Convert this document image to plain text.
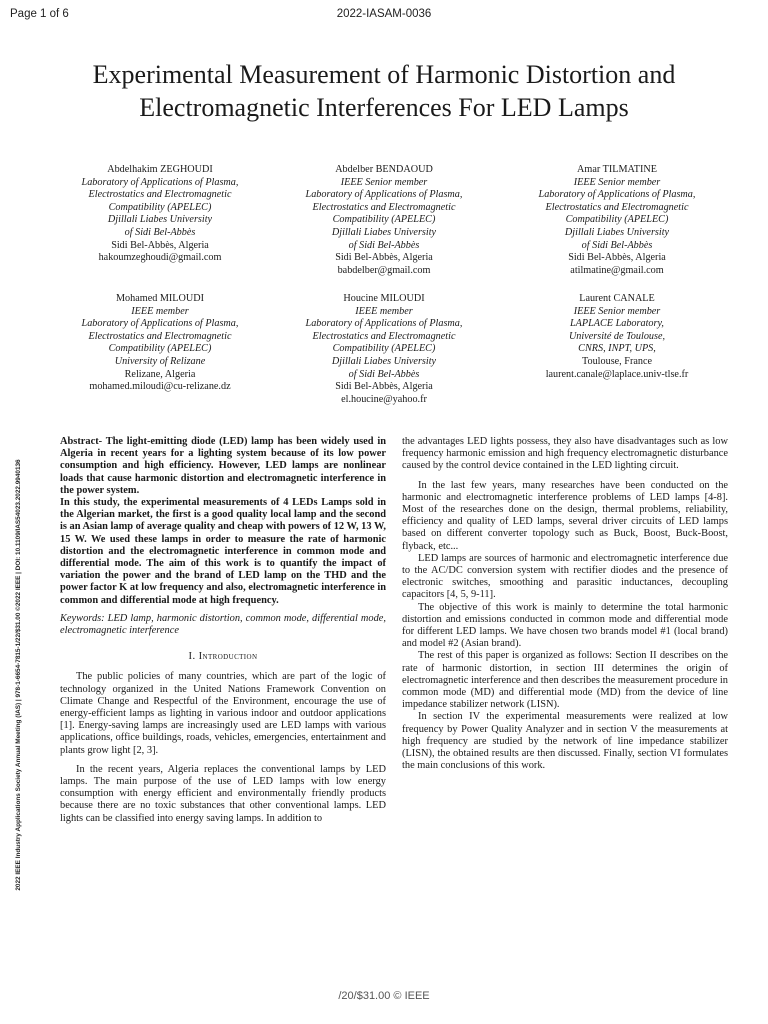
Page 1 of 6	2022-IASAM-0036
Experimental Measurement of Harmonic Distortion and Electromagnetic Interferences For LED Lamps
Abdelhakim ZEGHOUDI
Laboratory of Applications of Plasma,
Electrostatics and Electromagnetic
Compatibility (APELEC)
Djillali Liabes University
of Sidi Bel-Abbès
Sidi Bel-Abbès, Algeria
hakoumzeghoudi@gmail.com
Abdelber BENDAOUD
IEEE Senior member
Laboratory of Applications of Plasma,
Electrostatics and Electromagnetic
Compatibility (APELEC)
Djillali Liabes University
of Sidi Bel-Abbès
Sidi Bel-Abbès, Algeria
babdelber@gmail.com
Amar TILMATINE
IEEE Senior member
Laboratory of Applications of Plasma,
Electrostatics and Electromagnetic
Compatibility (APELEC)
Djillali Liabes University
of Sidi Bel-Abbès
Sidi Bel-Abbès, Algeria
atilmatine@gmail.com
Mohamed MILOUDI
IEEE member
Laboratory of Applications of Plasma,
Electrostatics and Electromagnetic
Compatibility (APELEC)
University of Relizane
Relizane, Algeria
mohamed.miloudi@cu-relizane.dz
Houcine MILOUDI
IEEE member
Laboratory of Applications of Plasma,
Electrostatics and Electromagnetic
Compatibility (APELEC)
Djillali Liabes University
of Sidi Bel-Abbès
Sidi Bel-Abbès, Algeria
el.houcine@yahoo.fr
Laurent CANALE
IEEE Senior member
LAPLACE Laboratory,
Université de Toulouse,
CNRS, INPT, UPS,
Toulouse, France
laurent.canale@laplace.univ-tlse.fr

Abstract- The light-emitting diode (LED) lamp has been widely used in Algeria in recent years for a lighting system because of its low power consumption and high efficiency. However, LED lamps are nonlinear loads that cause harmonic distortion and electromagnetic interference in the power system.

In this study, the experimental measurements of 4 LEDs Lamps sold in the Algerian market, the first is a good quality local lamp and the second is an Asian lamp of average quality and cheap with powers of 12 W, 13 W, 15 W. We used these lamps in order to measure the rate of harmonic distortion and the electromagnetic interference in common mode and differential mode. The aim of this work is to quantify the impact of variation the power and the brand of LED lamp on the THD and the power factor K at low frequency and also, electromagnetic interference in common and differential mode at high frequency.

Keywords: LED lamp, harmonic distortion, common mode, differential mode, electromagnetic interference

I. Introduction

The public policies of many countries, which are part of the logic of technology organized in the United Nations Framework Convention on Climate Change and Respectful of the Environment, encourage the use of energy-efficient lamps as lighting in various indoor and outdoor applications [1]. Energy-saving lamps are increasingly used are LED lamps with various applications, office buildings, roads, vehicles, emergencies, entertainment and plants grow light [2, 3].

In the recent years, Algeria replaces the conventional lamps by LED lamps. The main purpose of the use of LED lamps with low energy consumption with energy efficient and environmentally friendly products because there are no toxic substances that other conventional lamps. LED lights can be classified into energy saving lamps. In addition to

the advantages LED lights possess, they also have disadvantages such as low frequency harmonic emission and high frequency electromagnetic disturbance caused by the control device contained in the LED lighting circuit.

In the last few years, many researches have been conducted on the harmonic and electromagnetic interference problems of LED lamps [4-8]. Most of the researches done on the design, thermal problems, reliability, efficiency and quality of LED lamps, several driver circuits of LED lamps based on different converter topology such as Buck, Boost, Buck-Boost, flyback, etc...

LED lamps are sources of harmonic and electromagnetic interference due to the AC/DC conversion system with rectifier diodes and the presence of electronic switches, smoothing and parasitic inductances, decoupling capacitors [4, 5, 9-11].

The objective of this work is mainly to determine the total harmonic distortion and emissions conducted in common mode and differential mode for different LED lamps. We have chosen two brands model #1 (local brand) and model #2 (Asian brand).

The rest of this paper is organized as follows: Section II describes on the rate of harmonic distortion, in section III determines the origin of electromagnetic interference and then describes the measurement procedure in common mode (MD) and differential mode (MD) from the device of line impedance stabilizer network (LISN).

In section IV the experimental measurements were realized at low frequency by Power Quality Analyzer and in section V the measurements at high frequency are studied by the network of line impedance stabilizer (LISN), the obtained results are then discussed. Finally, section VI formulates the main conclusions of this work.

2022 IEEE Industry Applications Society Annual Meeting (IAS) | 978-1-6654-7815-1/22/$31.00 ©2022 IEEE | DOI: 10.1109/IAS54023.2022.9940136
/20/$31.00 © IEEE
